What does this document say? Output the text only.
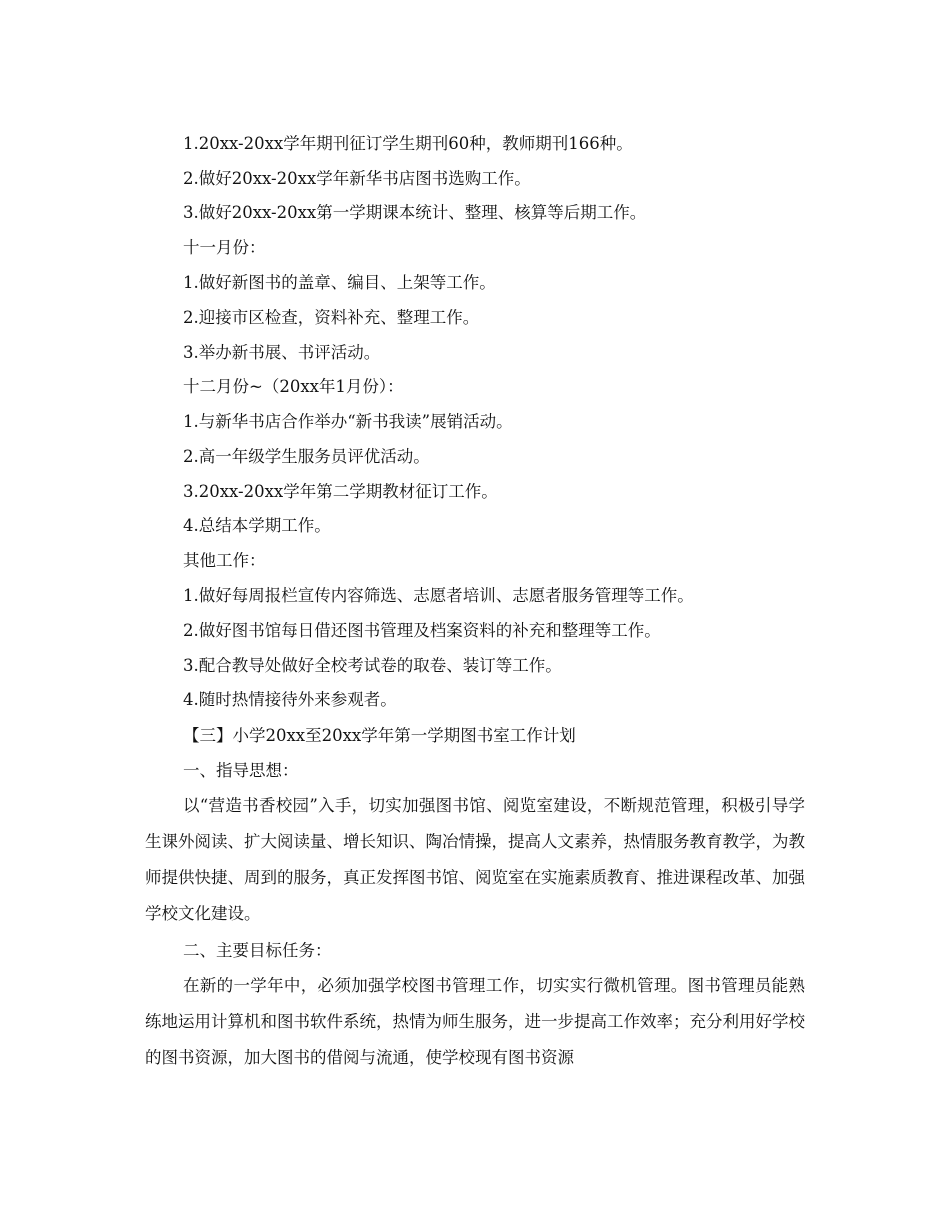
1.20xx-20xx学年期刊征订学生期刊60种，教师期刊166种。
2.做好20xx-20xx学年新华书店图书选购工作。
3.做好20xx-20xx第一学期课本统计、整理、核算等后期工作。
十一月份：
1.做好新图书的盖章、编目、上架等工作。
2.迎接市区检查，资料补充、整理工作。
3.举办新书展、书评活动。
十二月份~（20xx年1月份）：
1.与新华书店合作举办“新书我读”展销活动。
2.高一年级学生服务员评优活动。
3.20xx-20xx学年第二学期教材征订工作。
4.总结本学期工作。
其他工作：
1.做好每周报栏宣传内容筛选、志愿者培训、志愿者服务管理等工作。
2.做好图书馆每日借还图书管理及档案资料的补充和整理等工作。
3.配合教导处做好全校考试卷的取卷、装订等工作。
4.随时热情接待外来参观者。
【三】小学20xx至20xx学年第一学期图书室工作计划
一、指导思想：
以“营造书香校园”入手，切实加强图书馆、阅览室建设，不断规范管理，积极引导学生课外阅读、扩大阅读量、增长知识、陶冶情操，提高人文素养，热情服务教育教学，为教师提供快捷、周到的服务，真正发挥图书馆、阅览室在实施素质教育、推进课程改革、加强学校文化建设。
二、主要目标任务：
在新的一学年中，必须加强学校图书管理工作，切实实行微机管理。图书管理员能熟练地运用计算机和图书软件系统，热情为师生服务，进一步提高工作效率；充分利用好学校的图书资源，加大图书的借阅与流通，使学校现有图书资源
